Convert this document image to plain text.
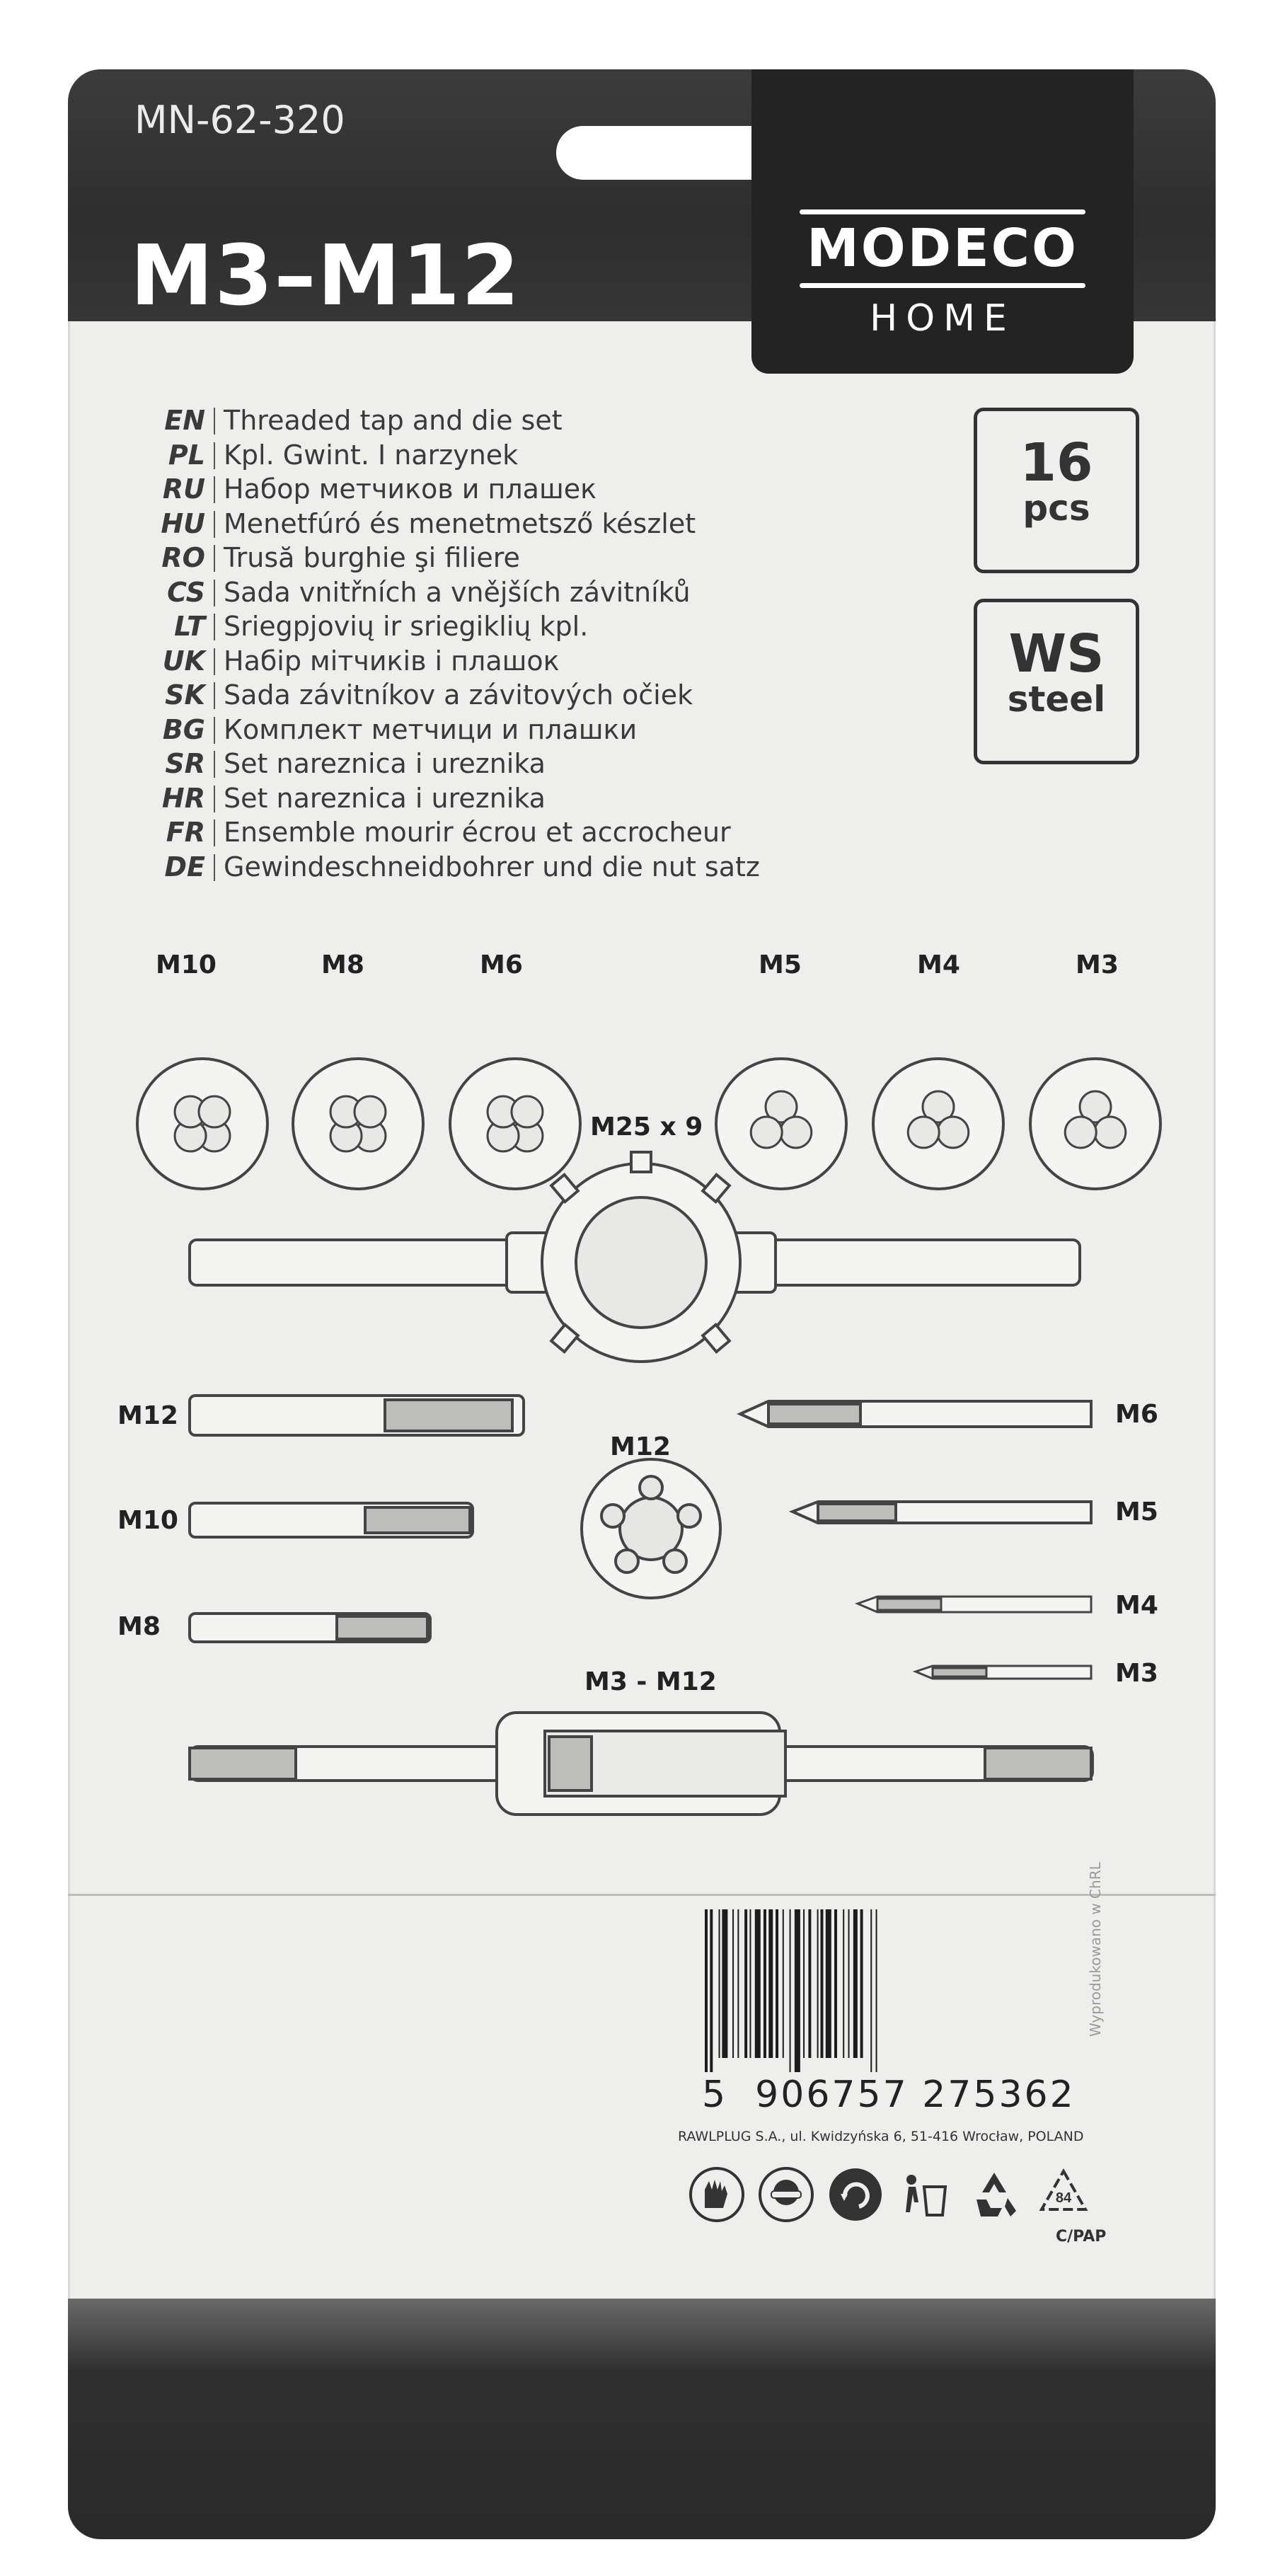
MN-62-320
M3–M12	MODECO
HOME
EN Threaded tap and die set
PL Kpl. Gwint. I narzynek
RU Набор метчиков и плашек
HU Menetfúró és menetmetsző készlet
RO Trusă burghie şi filiere
CS Sada vnitřních a vnějších závitníků
LT Sriegpjovių ir sriegiklių kpl.
UK Набір мітчиків і плашок
SK Sada závitníkov a závitových očiek
BG Комплект метчици и плашки
SR Set nareznica i ureznika
HR Set nareznica i ureznika
FR Ensemble mourir écrou et accrocheur
DE Gewindeschneidbohrer und die nut satz
16
pcs
WS
steel
M10	M8	M6	M5	M4	M3
M25 x 9
M12
M12
M10
M8
M6
M5
M4
M3
M3 - M12
5 906757 275362
Wyprodukowano w ChRL
RAWLPLUG S.A., ul. Kwidzyńska 6, 51-416 Wrocław, POLAND
84
C/PAP
